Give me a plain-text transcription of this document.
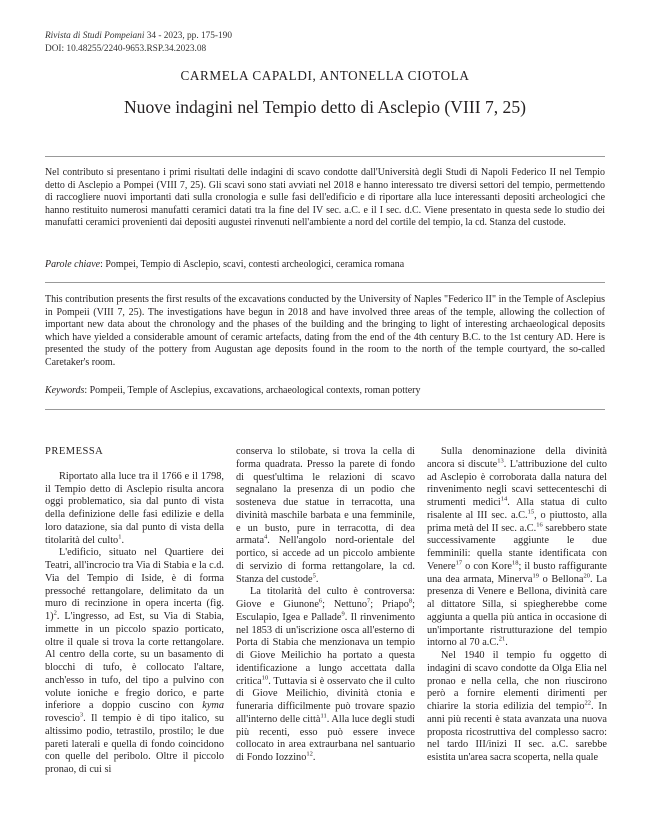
Rivista di Studi Pompeiani 34 - 2023, pp. 175-190
DOI: 10.48255/2240-9653.RSP.34.2023.08
CARMELA CAPALDI, ANTONELLA CIOTOLA
Nuove indagini nel Tempio detto di Asclepio (VIII 7, 25)

Nel contributo si presentano i primi risultati delle indagini di scavo condotte dall'Università degli Studi di Napoli Federico II nel Tempio detto di Asclepio a Pompei (VIII 7, 25). Gli scavi sono stati avviati nel 2018 e hanno interessato tre diversi settori del tempio, permettendo di raccogliere nuovi importanti dati sulla cronologia e sulle fasi dell'edificio e di riportare alla luce interessanti depositi archeologici che hanno restituito numerosi manufatti ceramici datati tra la fine del IV sec. a.C. e il I sec. d.C. Viene presentato in questa sede lo studio dei manufatti ceramici provenienti dai depositi augustei rinvenuti nell'ambiente a nord del cortile del tempio, la cd. Stanza del custode.

Parole chiave: Pompei, Tempio di Asclepio, scavi, contesti archeologici, ceramica romana

This contribution presents the first results of the excavations conducted by the University of Naples "Federico II" in the Temple of Asclepius in Pompeii (VIII 7, 25). The investigations have begun in 2018 and have involved three areas of the temple, allowing the collection of important new data about the chronology and the phases of the building and the bringing to light of interesting archaeological deposits which have yielded a considerable amount of ceramic artefacts, dating from the end of the 4th century B.C. to the 1st century AD. Here is presented the study of the pottery from Augustan age deposits found in the room to the north of the temple courtyard, the so-called Caretaker's room.

Keywords: Pompeii, Temple of Asclepius, excavations, archaeological contexts, roman pottery
PREMESSA

Riportato alla luce tra il 1766 e il 1798, il Tempio detto di Asclepio risulta ancora oggi problematico, sia dal punto di vista della definizione delle fasi edilizie e della loro datazione, sia dal punto di vista della titolarità del culto$^1$.

L'edificio, situato nel Quartiere dei Teatri, all'incrocio tra Via di Stabia e la c.d. Via del Tempio di Iside, è di forma pressoché rettangolare, delimitato da un muro di recinzione in opera incerta (fig. 1)$^2$. L'ingresso, ad Est, su Via di Stabia, immette in un piccolo spazio porticato, oltre il quale si trova la corte rettangolare. Al centro della corte, su un basamento di blocchi di tufo, è collocato l'altare, anch'esso in tufo, del tipo a pulvino con volute ioniche e fregio dorico, e parte inferiore a doppio cuscino con kyma rovescio$^3$. Il tempio è di tipo italico, su altissimo podio, tetrastilo, prostilo; le due pareti laterali e quella di fondo coincidono con quelle del peribolo. Oltre il piccolo pronao, di cui si

conserva lo stilobate, si trova la cella di forma quadrata. Presso la parete di fondo di quest'ultima le relazioni di scavo segnalano la presenza di un podio che sosteneva due statue in terracotta, una divinità maschile barbata e una femminile, e un busto, pure in terracotta, di dea armata$^4$. Nell'angolo nord-orientale del portico, si accede ad un piccolo ambiente di servizio di forma rettangolare, la cd. Stanza del custode$^5$.

La titolarità del culto è controversa: Giove e Giunone$^6$; Nettuno$^7$; Priapo$^8$; Esculapio, Igea e Pallade$^9$. Il rinvenimento nel 1853 di un'iscrizione osca all'esterno di Porta di Stabia che menzionava un tempio di Giove Meilichio ha portato a questa identificazione a lungo accettata dalla critica$^{10}$. Tuttavia si è osservato che il culto di Giove Meilichio, divinità ctonia e funeraria difficilmente può trovare spazio all'interno delle città$^{11}$. Alla luce degli studi più recenti, esso può essere invece collocato in area extraurbana nel santuario di Fondo Iozzino$^{12}$.

Sulla denominazione della divinità ancora si discute$^{13}$. L'attribuzione del culto ad Asclepio è corroborata dalla natura del rinvenimento negli scavi settecenteschi di strumenti medici$^{14}$. Alla statua di culto risalente al III sec. a.C.$^{15}$, o piuttosto, alla prima metà del II sec. a.C.$^{16}$ sarebbero state successivamente aggiunte le due femminili: quella stante identificata con Venere$^{17}$ o con Kore$^{18}$; il busto raffigurante una dea armata, Minerva$^{19}$ o Bellona$^{20}$. La presenza di Venere e Bellona, divinità care al dittatore Silla, si spiegherebbe come aggiunta a quella più antica in occasione di un'importante ristrutturazione del tempio intorno al 70 a.C.$^{21}$.

Nel 1940 il tempio fu oggetto di indagini di scavo condotte da Olga Elia nel pronao e nella cella, che non riuscirono però a fornire elementi dirimenti per chiarire la storia edilizia del tempio$^{22}$. In anni più recenti è stata avanzata una nuova proposta ricostruttiva del complesso sacro: nel tardo III/inizi II sec. a.C. sarebbe esistita un'area sacra scoperta, nella quale
